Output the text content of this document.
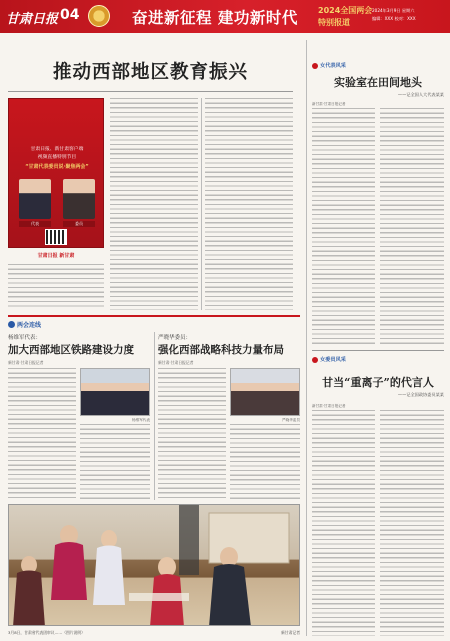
甘肃日报 04	奋进新征程 建功新时代	2024全国两会
特别报道
2024年3月9日 星期六
编辑：XXX 校对：XXX
推动西部地区教育振兴
甘肃日报、新甘肃客户端
视频直播特别节目
“甘肃代表委员说·聚焦两会”
代表	委员
甘肃日报 新甘肃
两会连线
杨维军代表：
加大西部地区铁路建设力度
新甘肃·甘肃日报记者
杨维军代表
严晓华委员：
强化西部战略科技力量布局
新甘肃·甘肃日报记者
严晓华委员
3月8日，甘肃省代表团审议……（图片说明）	新甘肃记者
女代表风采
实验室在田间地头
——记全国人大代表某某
新甘肃·甘肃日报记者
女委员风采
甘当“重离子”的代言人
——记全国政协委员某某
新甘肃·甘肃日报记者
